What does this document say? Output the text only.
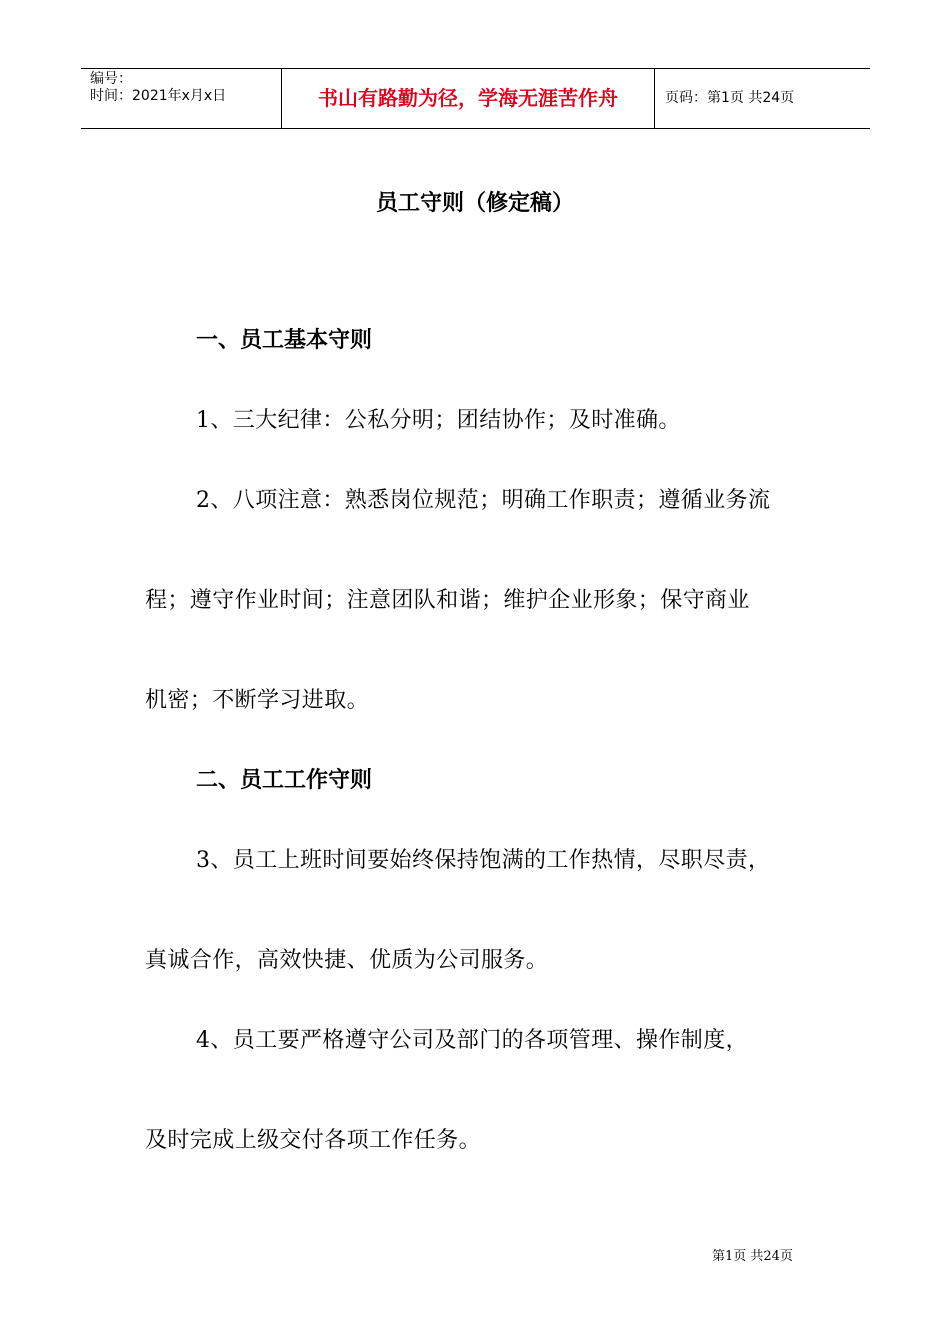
编号：
时间：2021年x月x日	书山有路勤为径，学海无涯苦作舟	页码：第1页 共24页
员工守则（修定稿）
一、员工基本守则
1、三大纪律：公私分明；团结协作；及时准确。
2、八项注意：熟悉岗位规范；明确工作职责；遵循业务流
程；遵守作业时间；注意团队和谐；维护企业形象；保守商业
机密；不断学习进取。
二、员工工作守则
3、员工上班时间要始终保持饱满的工作热情，尽职尽责，
真诚合作，高效快捷、优质为公司服务。
4、员工要严格遵守公司及部门的各项管理、操作制度，
及时完成上级交付各项工作任务。
第1页 共24页
